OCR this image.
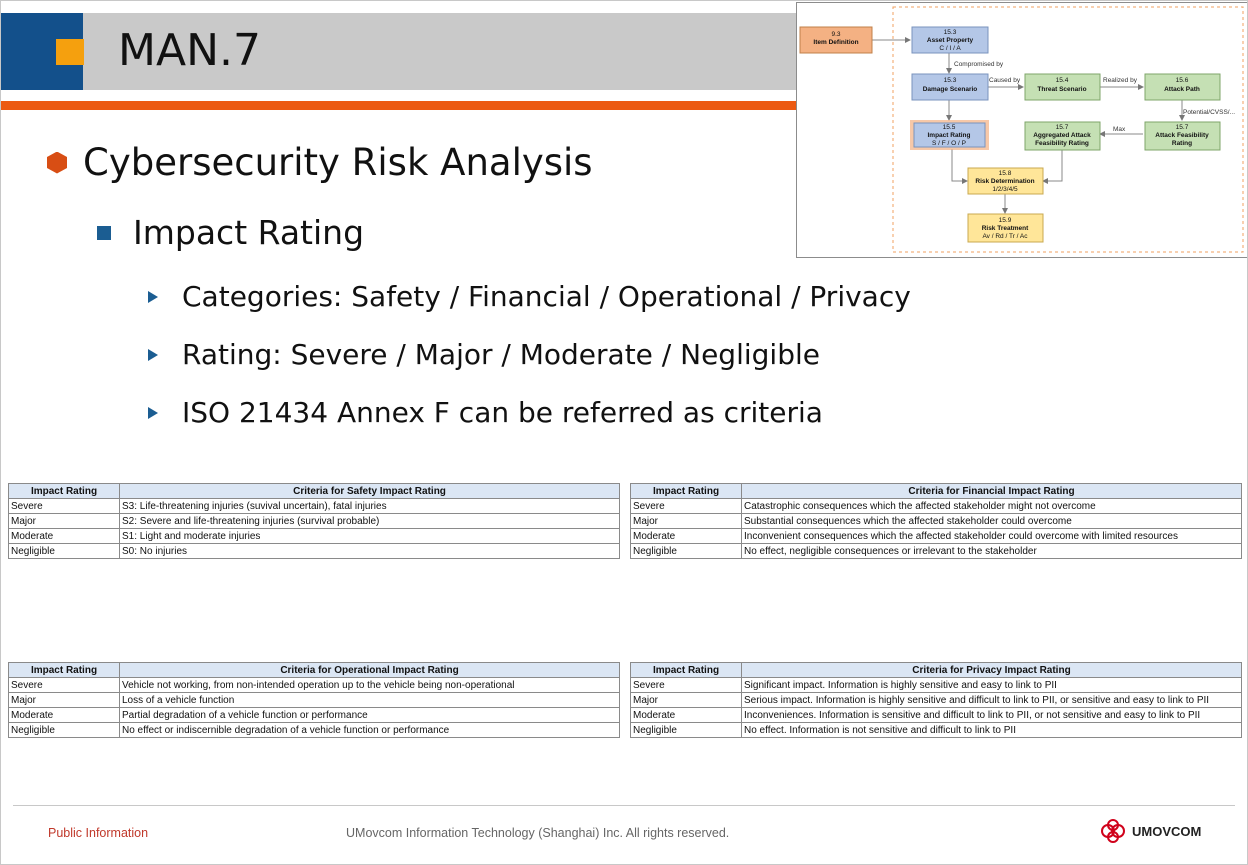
MAN.7
Cybersecurity Risk Analysis
Impact Rating
Categories: Safety / Financial / Operational / Privacy
Rating: Severe / Major / Moderate / Negligible
ISO 21434 Annex F can be referred as criteria
Impact Rating	Criteria for Safety Impact Rating
Severe	S3: Life-threatening injuries (suvival uncertain), fatal injuries
Major	S2: Severe and life-threatening injuries (survival probable)
Moderate	S1: Light and moderate injuries
Negligible	S0: No injuries
Impact Rating	Criteria for Financial Impact Rating
Severe	Catastrophic consequences which the affected stakeholder might not overcome
Major	Substantial consequences which the affected stakeholder could overcome
Moderate	Inconvenient consequences which the affected stakeholder could overcome with limited resources
Negligible	No effect, negligible consequences or irrelevant to the stakeholder
Impact Rating	Criteria for Operational Impact Rating
Severe	Vehicle not working, from non-intended operation up to the vehicle being non-operational
Major	Loss of a vehicle function
Moderate	Partial degradation of a vehicle function or performance
Negligible	No effect or indiscernible degradation of a vehicle function or performance
Impact Rating	Criteria for Privacy Impact Rating
Severe	Significant impact. Information is highly sensitive and easy to link to PII
Major	Serious impact. Information is highly sensitive and difficult to link to PII, or sensitive and easy to link to PII
Moderate	Inconveniences. Information is sensitive and difficult to link to PII, or not sensitive and easy to link to PII
Negligible	No effect. Information is not sensitive and difficult to link to PII
Compromised by
Caused by	Realized by
Potential/CVSS/...
Max
9.3
Item Definition
15.3
Asset Property
C / I / A
15.3
Damage Scenario
15.4
Threat Scenario
15.6
Attack Path
15.5
Impact Rating
S / F / O / P
15.7
Aggregated Attack
Feasibility Rating
15.7
Attack Feasibility
Rating
15.8
Risk Determination
1/2/3/4/5
15.9
Risk Treatment
Av / Rd / Tr / Ac
Public Information	UMovcom Information Technology (Shanghai) Inc. All rights reserved.	UMOVCOM
